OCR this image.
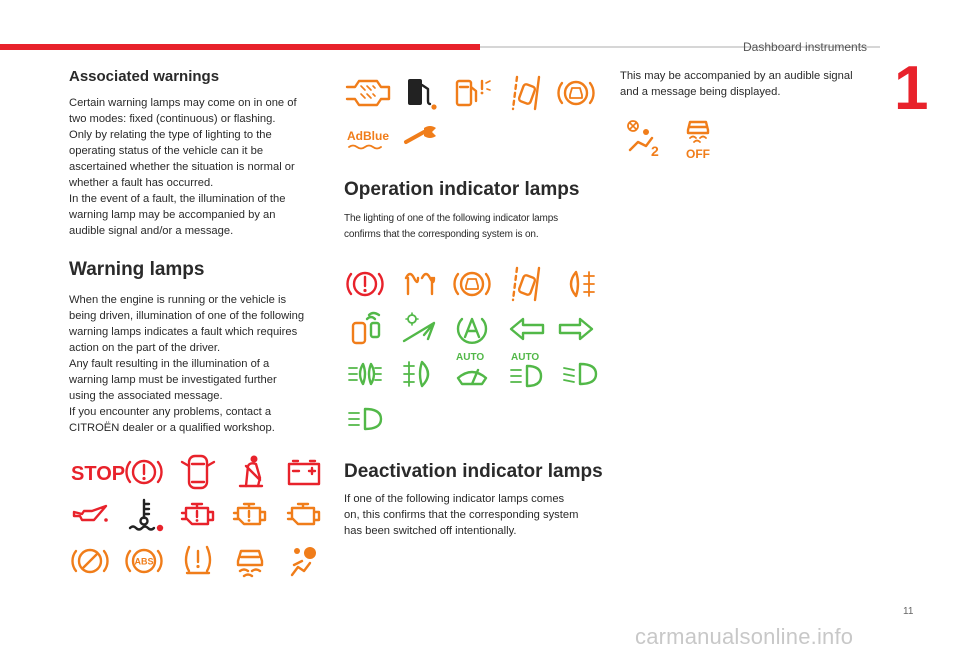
Dashboard instruments
1
Associated warnings

Certain warning lamps may come on in one of

two modes: fixed (continuous) or flashing.

Only by relating the type of lighting to the

operating status of the vehicle can it be

ascertained whether the situation is normal or

whether a fault has occurred.

In the event of a fault, the illumination of the

warning lamp may be accompanied by an

audible signal and/or a message.

Warning lamps

When the engine is running or the vehicle is

being driven, illumination of one of the following

warning lamps indicates a fault which requires

action on the part of the driver.

Any fault resulting in the illumination of a

warning lamp must be investigated further

using the associated message.

If you encounter any problems, contact a

CITROËN dealer or a qualified workshop.

STOP
ABS
AdBlue
Operation indicator lamps

The lighting of one of the following indicator lamps

confirms that the corresponding system is on.

AUTO	AUTO
Deactivation indicator lamps

If one of the following indicator lamps comes

on, this confirms that the corresponding system

has been switched off intentionally.

This may be accompanied by an audible signal

and a message being displayed.

2 OFF
11
carmanualsonline.info
